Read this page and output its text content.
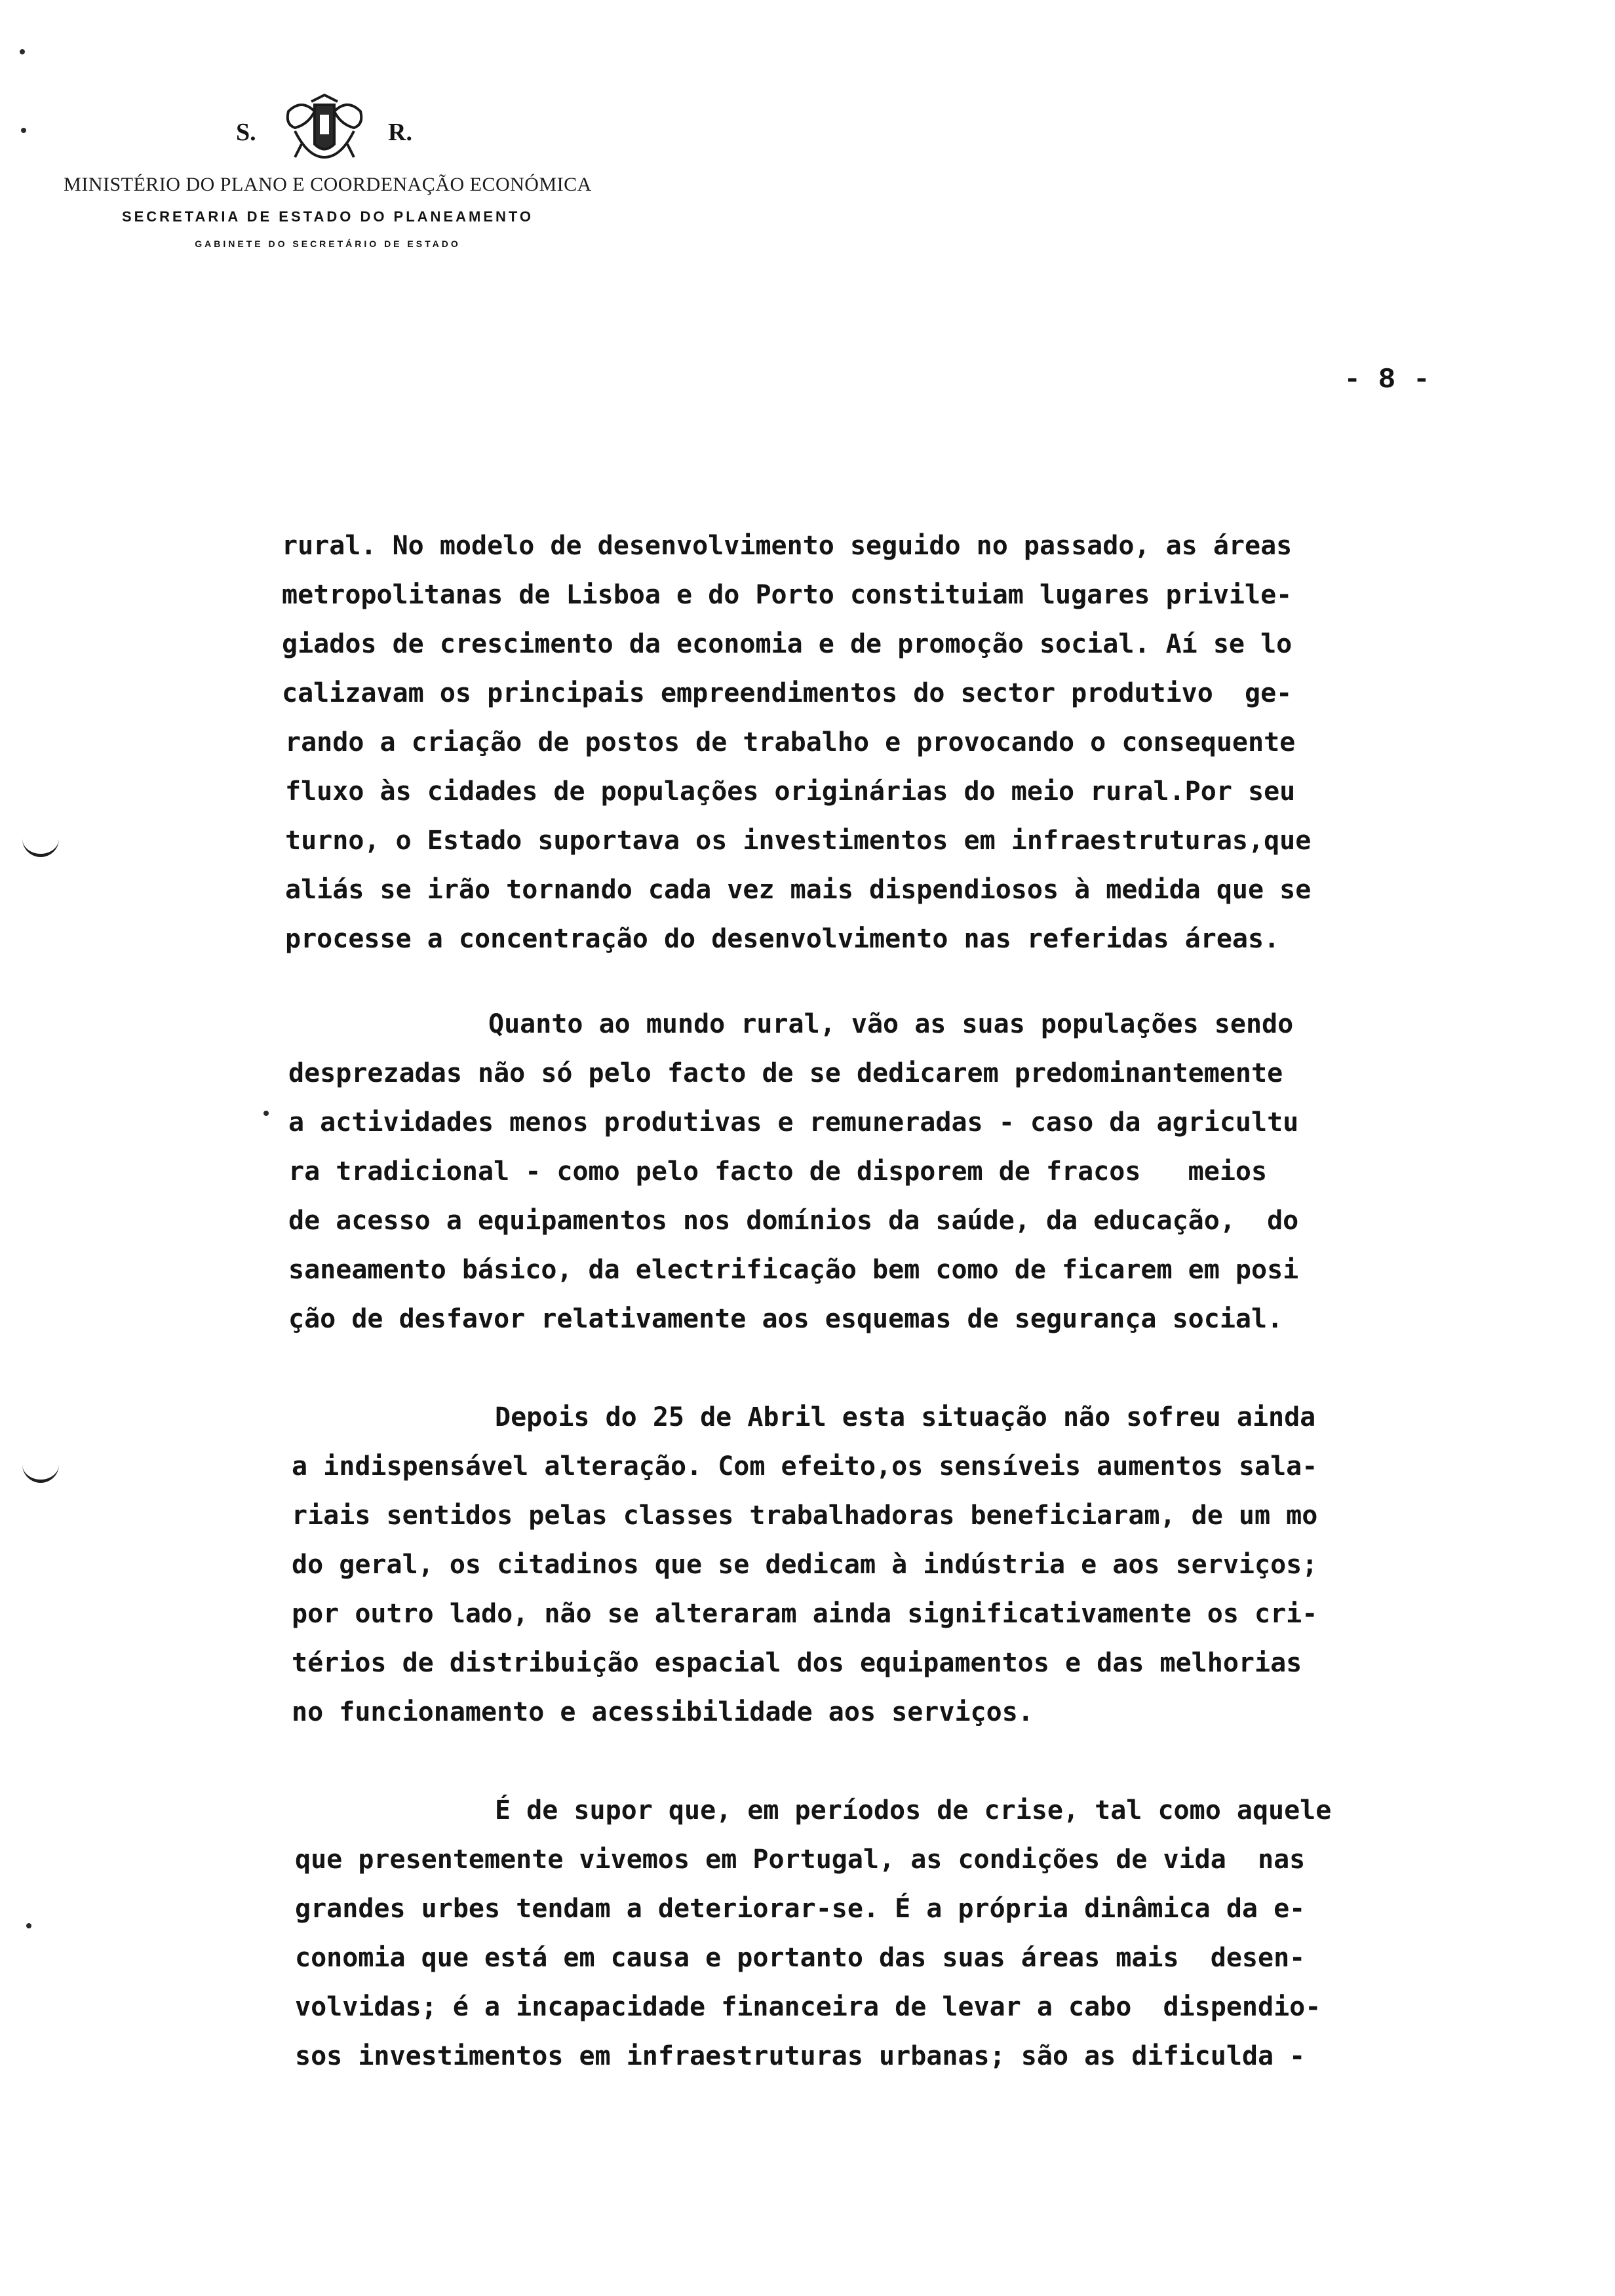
S.	R.
MINISTÉRIO DO PLANO E COORDENAÇÃO ECONÓMICA
SECRETARIA DE ESTADO DO PLANEAMENTO
GABINETE DO SECRETÁRIO DE ESTADO
- 8 -
rural. No modelo de desenvolvimento seguido no passado, as áreas
metropolitanas de Lisboa e do Porto constituiam lugares privile-
giados de crescimento da economia e de promoção social. Aí se lo
calizavam os principais empreendimentos do sector produtivo  ge-
rando a criação de postos de trabalho e provocando o consequente
fluxo às cidades de populações originárias do meio rural.Por seu
turno, o Estado suportava os investimentos em infraestruturas,que
aliás se irão tornando cada vez mais dispendiosos à medida que se
processe a concentração do desenvolvimento nas referidas áreas.
Quanto ao mundo rural, vão as suas populações sendo
desprezadas não só pelo facto de se dedicarem predominantemente
a actividades menos produtivas e remuneradas - caso da agricultu
ra tradicional - como pelo facto de disporem de fracos   meios
de acesso a equipamentos nos domínios da saúde, da educação,  do
saneamento básico, da electrificação bem como de ficarem em posi
ção de desfavor relativamente aos esquemas de segurança social.
Depois do 25 de Abril esta situação não sofreu ainda
a indispensável alteração. Com efeito,os sensíveis aumentos sala-
riais sentidos pelas classes trabalhadoras beneficiaram, de um mo
do geral, os citadinos que se dedicam à indústria e aos serviços;
por outro lado, não se alteraram ainda significativamente os cri-
térios de distribuição espacial dos equipamentos e das melhorias
no funcionamento e acessibilidade aos serviços.
É de supor que, em períodos de crise, tal como aquele
que presentemente vivemos em Portugal, as condições de vida  nas
grandes urbes tendam a deteriorar-se. É a própria dinâmica da e-
conomia que está em causa e portanto das suas áreas mais  desen-
volvidas; é a incapacidade financeira de levar a cabo  dispendio-
sos investimentos em infraestruturas urbanas; são as dificulda -
